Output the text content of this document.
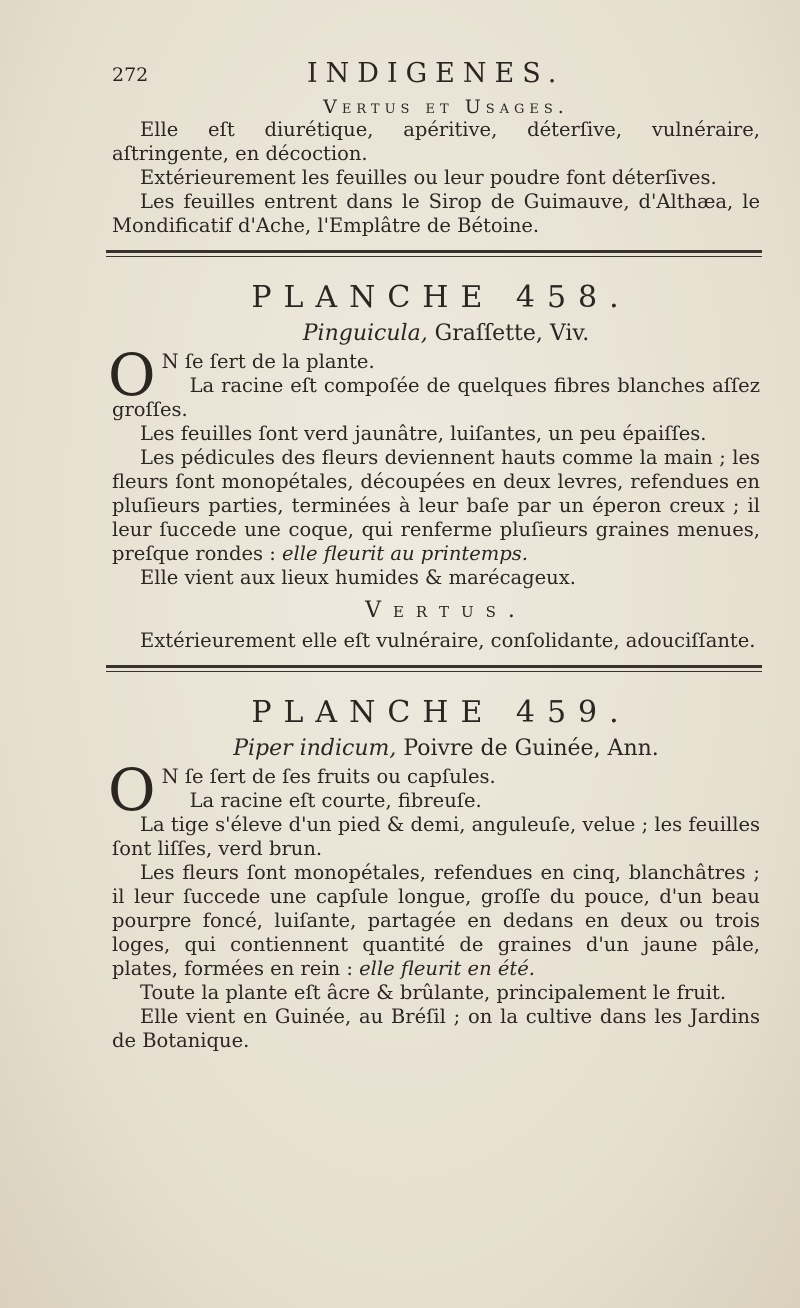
272	INDIGENES.
Vertus et Usages.

Elle eſt diurétique, apéritive, déterſive, vulnéraire, aſtringente, en décoction.

Extérieurement les feuilles ou leur poudre font déterſives.

Les feuilles entrent dans le Sirop de Guimauve, d'Althæa, le Mondificatif d'Ache, l'Emplâtre de Bétoine.

PLANCHE 458.
Pinguicula, Graſſette, Viv.

O N ſe ſert de la plante.
La racine eſt compoſée de quelques fibres blanches aſſez groſſes.

Les feuilles ſont verd jaunâtre, luiſantes, un peu épaiſſes.

Les pédicules des fleurs deviennent hauts comme la main ; les fleurs ſont monopétales, découpées en deux levres, refendues en pluſieurs parties, terminées à leur baſe par un éperon creux ; il leur ſuccede une coque, qui renferme pluſieurs graines menues, preſque rondes : elle fleurit au printemps.

Elle vient aux lieux humides & marécageux.

Vertus.

Extérieurement elle eſt vulnéraire, conſolidante, adouciſſante.

PLANCHE 459.
Piper indicum, Poivre de Guinée, Ann.

O N ſe ſert de ſes fruits ou capſules.
La racine eſt courte, fibreuſe.

La tige s'éleve d'un pied & demi, anguleuſe, velue ; les feuilles ſont liſſes, verd brun.

Les fleurs ſont monopétales, refendues en cinq, blanchâtres ; il leur ſuccede une capſule longue, groſſe du pouce, d'un beau pourpre foncé, luiſante, partagée en dedans en deux ou trois loges, qui contiennent quantité de graines d'un jaune pâle, plates, formées en rein : elle fleurit en été.

Toute la plante eſt âcre & brûlante, principalement le fruit.

Elle vient en Guinée, au Bréſil ; on la cultive dans les Jardins de Botanique.
